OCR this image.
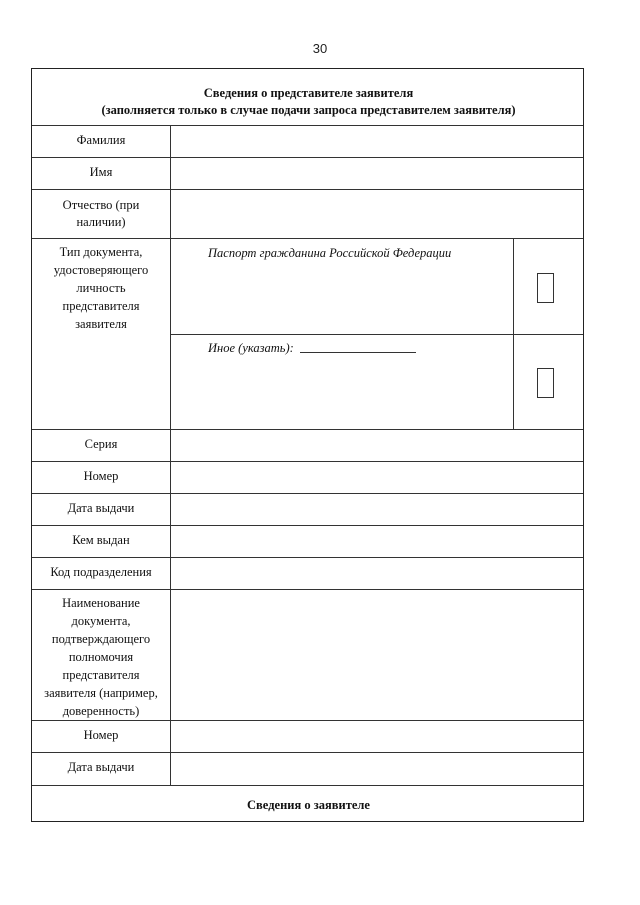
30
Сведения о представителе заявителя
(заполняется только в случае подачи запроса представителем заявителя)
Фамилия
Имя
Отчество (при
наличии)
Тип документа,
удостоверяющего
личность
представителя
заявителя
Паспорт гражданина Российской Федерации
Иное (указать):
Серия
Номер
Дата выдачи
Кем выдан
Код подразделения
Наименование
документа,
подтверждающего
полномочия
представителя
заявителя (например,
доверенность)
Номер
Дата выдачи
Сведения о заявителе
